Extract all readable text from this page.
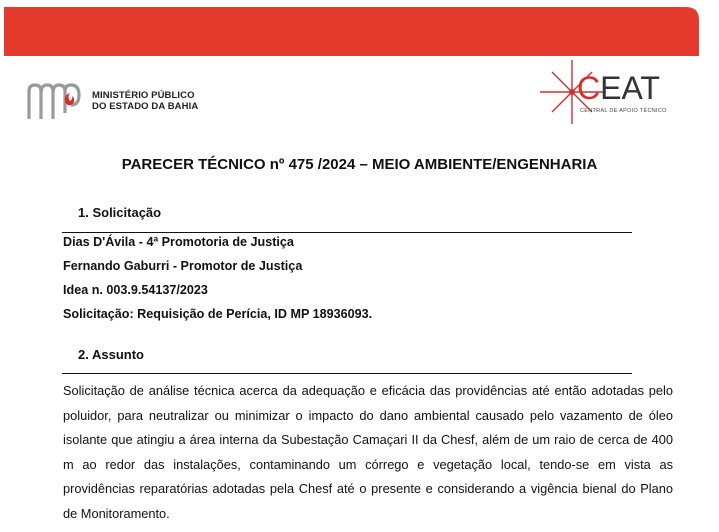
MINISTÉRIO PÚBLICO
DO ESTADO DA BAHIA
CEAT
CENTRAL DE APOIO TÉCNICO
PARECER TÉCNICO nº 475 /2024 – MEIO AMBIENTE/ENGENHARIA
1. Solicitação
Dias D'Ávila - 4ª Promotoria de Justiça
Fernando Gaburri - Promotor de Justiça
Idea n. 003.9.54137/2023
Solicitação: Requisição de Perícia, ID MP 18936093.
2. Assunto
Solicitação de análise técnica acerca da adequação e eficácia das providências até então adotadas pelo poluidor, para neutralizar ou minimizar o impacto do dano ambiental causado pelo vazamento de óleo isolante que atingiu a área interna da Subestação Camaçari II da Chesf, além de um raio de cerca de 400 m ao redor das instalações, contaminando um córrego e vegetação local, tendo-se em vista as providências reparatórias adotadas pela Chesf até o presente e considerando a vigência bienal do Plano de Monitoramento.
